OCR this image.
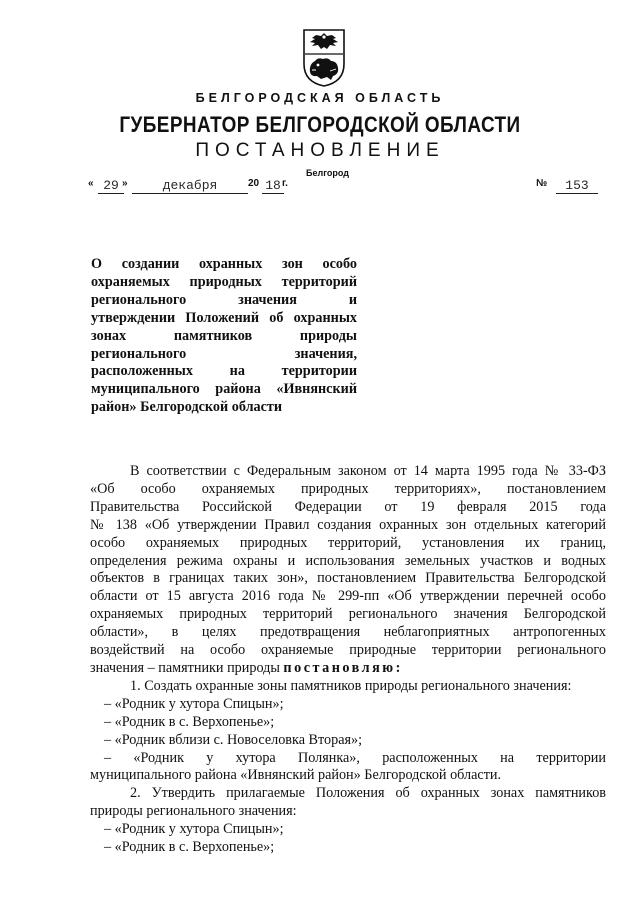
БЕЛГОРОДСКАЯ ОБЛАСТЬ
ГУБЕРНАТОР БЕЛГОРОДСКОЙ ОБЛАСТИ
ПОСТАНОВЛЕНИЕ
Белгород
« 29 »	декабря	20 18 г.	№	153
О создании охранных зон особо
охраняемых природных территорий
регионального значения и
утверждении Положений об охранных
зонах памятников природы
регионального значения,
расположенных на территории
муниципального района «Ивнянский
район» Белгородской области
В соответствии с Федеральным законом от 14 марта 1995 года № 33-ФЗ
«Об особо охраняемых природных территориях», постановлением
Правительства Российской Федерации от 19 февраля 2015 года
№ 138 «Об утверждении Правил создания охранных зон отдельных категорий
особо охраняемых природных территорий, установления их границ,
определения режима охраны и использования земельных участков и водных
объектов в границах таких зон», постановлением Правительства Белгородской
области от 15 августа 2016 года № 299-пп «Об утверждении перечней особо
охраняемых природных территорий регионального значения Белгородской
области», в целях предотвращения неблагоприятных антропогенных
воздействий на особо охраняемые природные территории регионального
значения – памятники природы постановляю:
1. Создать охранные зоны памятников природы регионального значения:
– «Родник у хутора Спицын»;
– «Родник в с. Верхопенье»;
– «Родник вблизи с. Новоселовка Вторая»;
– «Родник у хутора Полянка», расположенных на территории
муниципального района «Ивнянский район» Белгородской области.
2. Утвердить прилагаемые Положения об охранных зонах памятников
природы регионального значения:
– «Родник у хутора Спицын»;
– «Родник в с. Верхопенье»;
